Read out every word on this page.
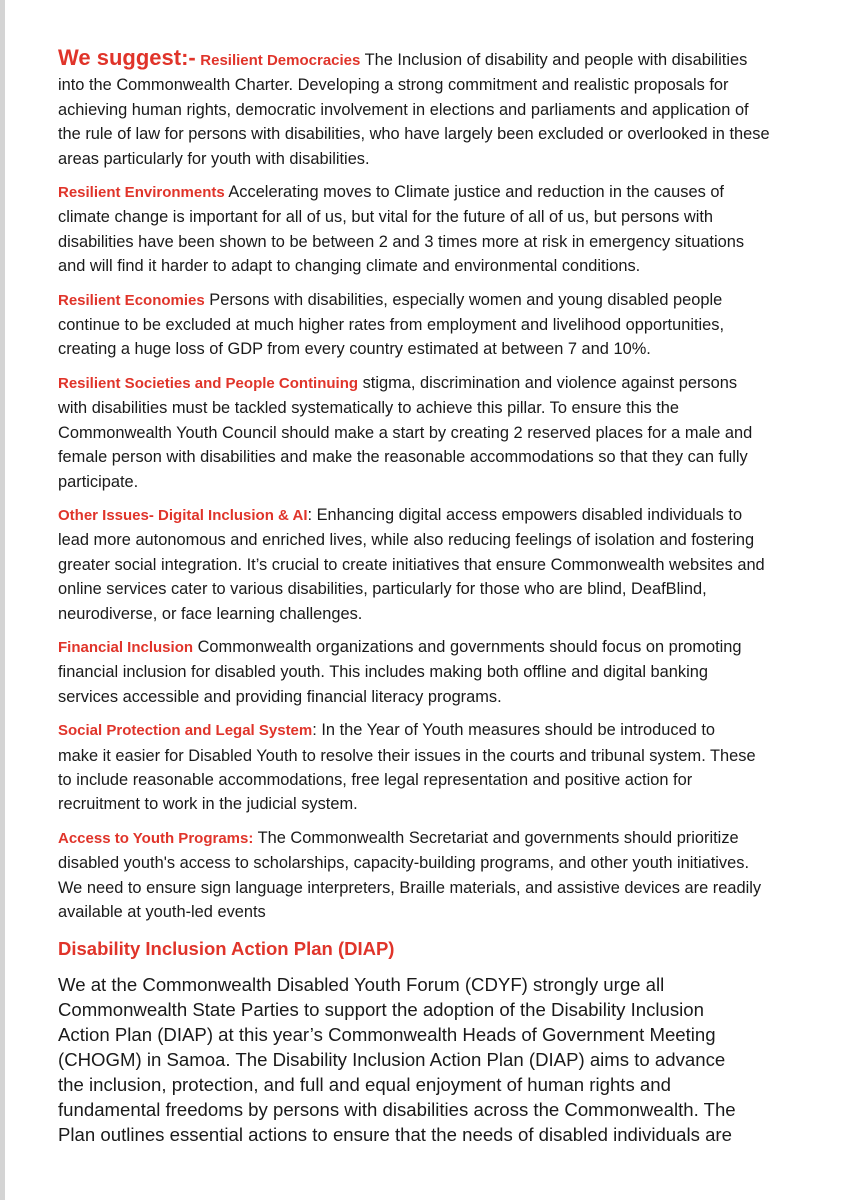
We suggest:- Resilient Democracies The Inclusion of disability and people with disabilities
into the Commonwealth Charter. Developing a strong commitment and realistic proposals for
achieving human rights, democratic involvement in elections and parliaments and application of
the rule of law for persons with disabilities, who have largely been excluded or overlooked in these
areas particularly for youth with disabilities.
Resilient Environments Accelerating moves to Climate justice and reduction in the causes of
climate change is important for all of us, but vital for the future of all of us, but persons with
disabilities have been shown to be between 2 and 3 times more at risk in emergency situations
and will find it harder to adapt to changing climate and environmental conditions.
Resilient Economies Persons with disabilities, especially women and young disabled people
continue to be excluded at much higher rates from employment and livelihood opportunities,
creating a huge loss of GDP from every country estimated at between 7 and 10%.
Resilient Societies and People Continuing stigma, discrimination and violence against persons
with disabilities must be tackled systematically to achieve this pillar. To ensure this the
Commonwealth Youth Council should make a start by creating 2 reserved places for a male and
female person with disabilities and make the reasonable accommodations so that they can fully
participate.
Other Issues- Digital Inclusion & AI: Enhancing digital access empowers disabled individuals to
lead more autonomous and enriched lives, while also reducing feelings of isolation and fostering
greater social integration. It’s crucial to create initiatives that ensure Commonwealth websites and
online services cater to various disabilities, particularly for those who are blind, DeafBlind,
neurodiverse, or face learning challenges.
Financial Inclusion Commonwealth organizations and governments should focus on promoting
financial inclusion for disabled youth. This includes making both offline and digital banking
services accessible and providing financial literacy programs.
Social Protection and Legal System: In the Year of Youth measures should be introduced to
make it easier for Disabled Youth to resolve their issues in the courts and tribunal system. These
to include reasonable accommodations, free legal representation and positive action for
recruitment to work in the judicial system.
Access to Youth Programs: The Commonwealth Secretariat and governments should prioritize
disabled youth's access to scholarships, capacity-building programs, and other youth initiatives.
We need to ensure sign language interpreters, Braille materials, and assistive devices are readily
available at youth-led events
Disability Inclusion Action Plan (DIAP)
We at the Commonwealth Disabled Youth Forum (CDYF) strongly urge all
Commonwealth State Parties to support the adoption of the Disability Inclusion
Action Plan (DIAP) at this year’s Commonwealth Heads of Government Meeting
(CHOGM) in Samoa. The Disability Inclusion Action Plan (DIAP) aims to advance
the inclusion, protection, and full and equal enjoyment of human rights and
fundamental freedoms by persons with disabilities across the Commonwealth. The
Plan outlines essential actions to ensure that the needs of disabled individuals are
